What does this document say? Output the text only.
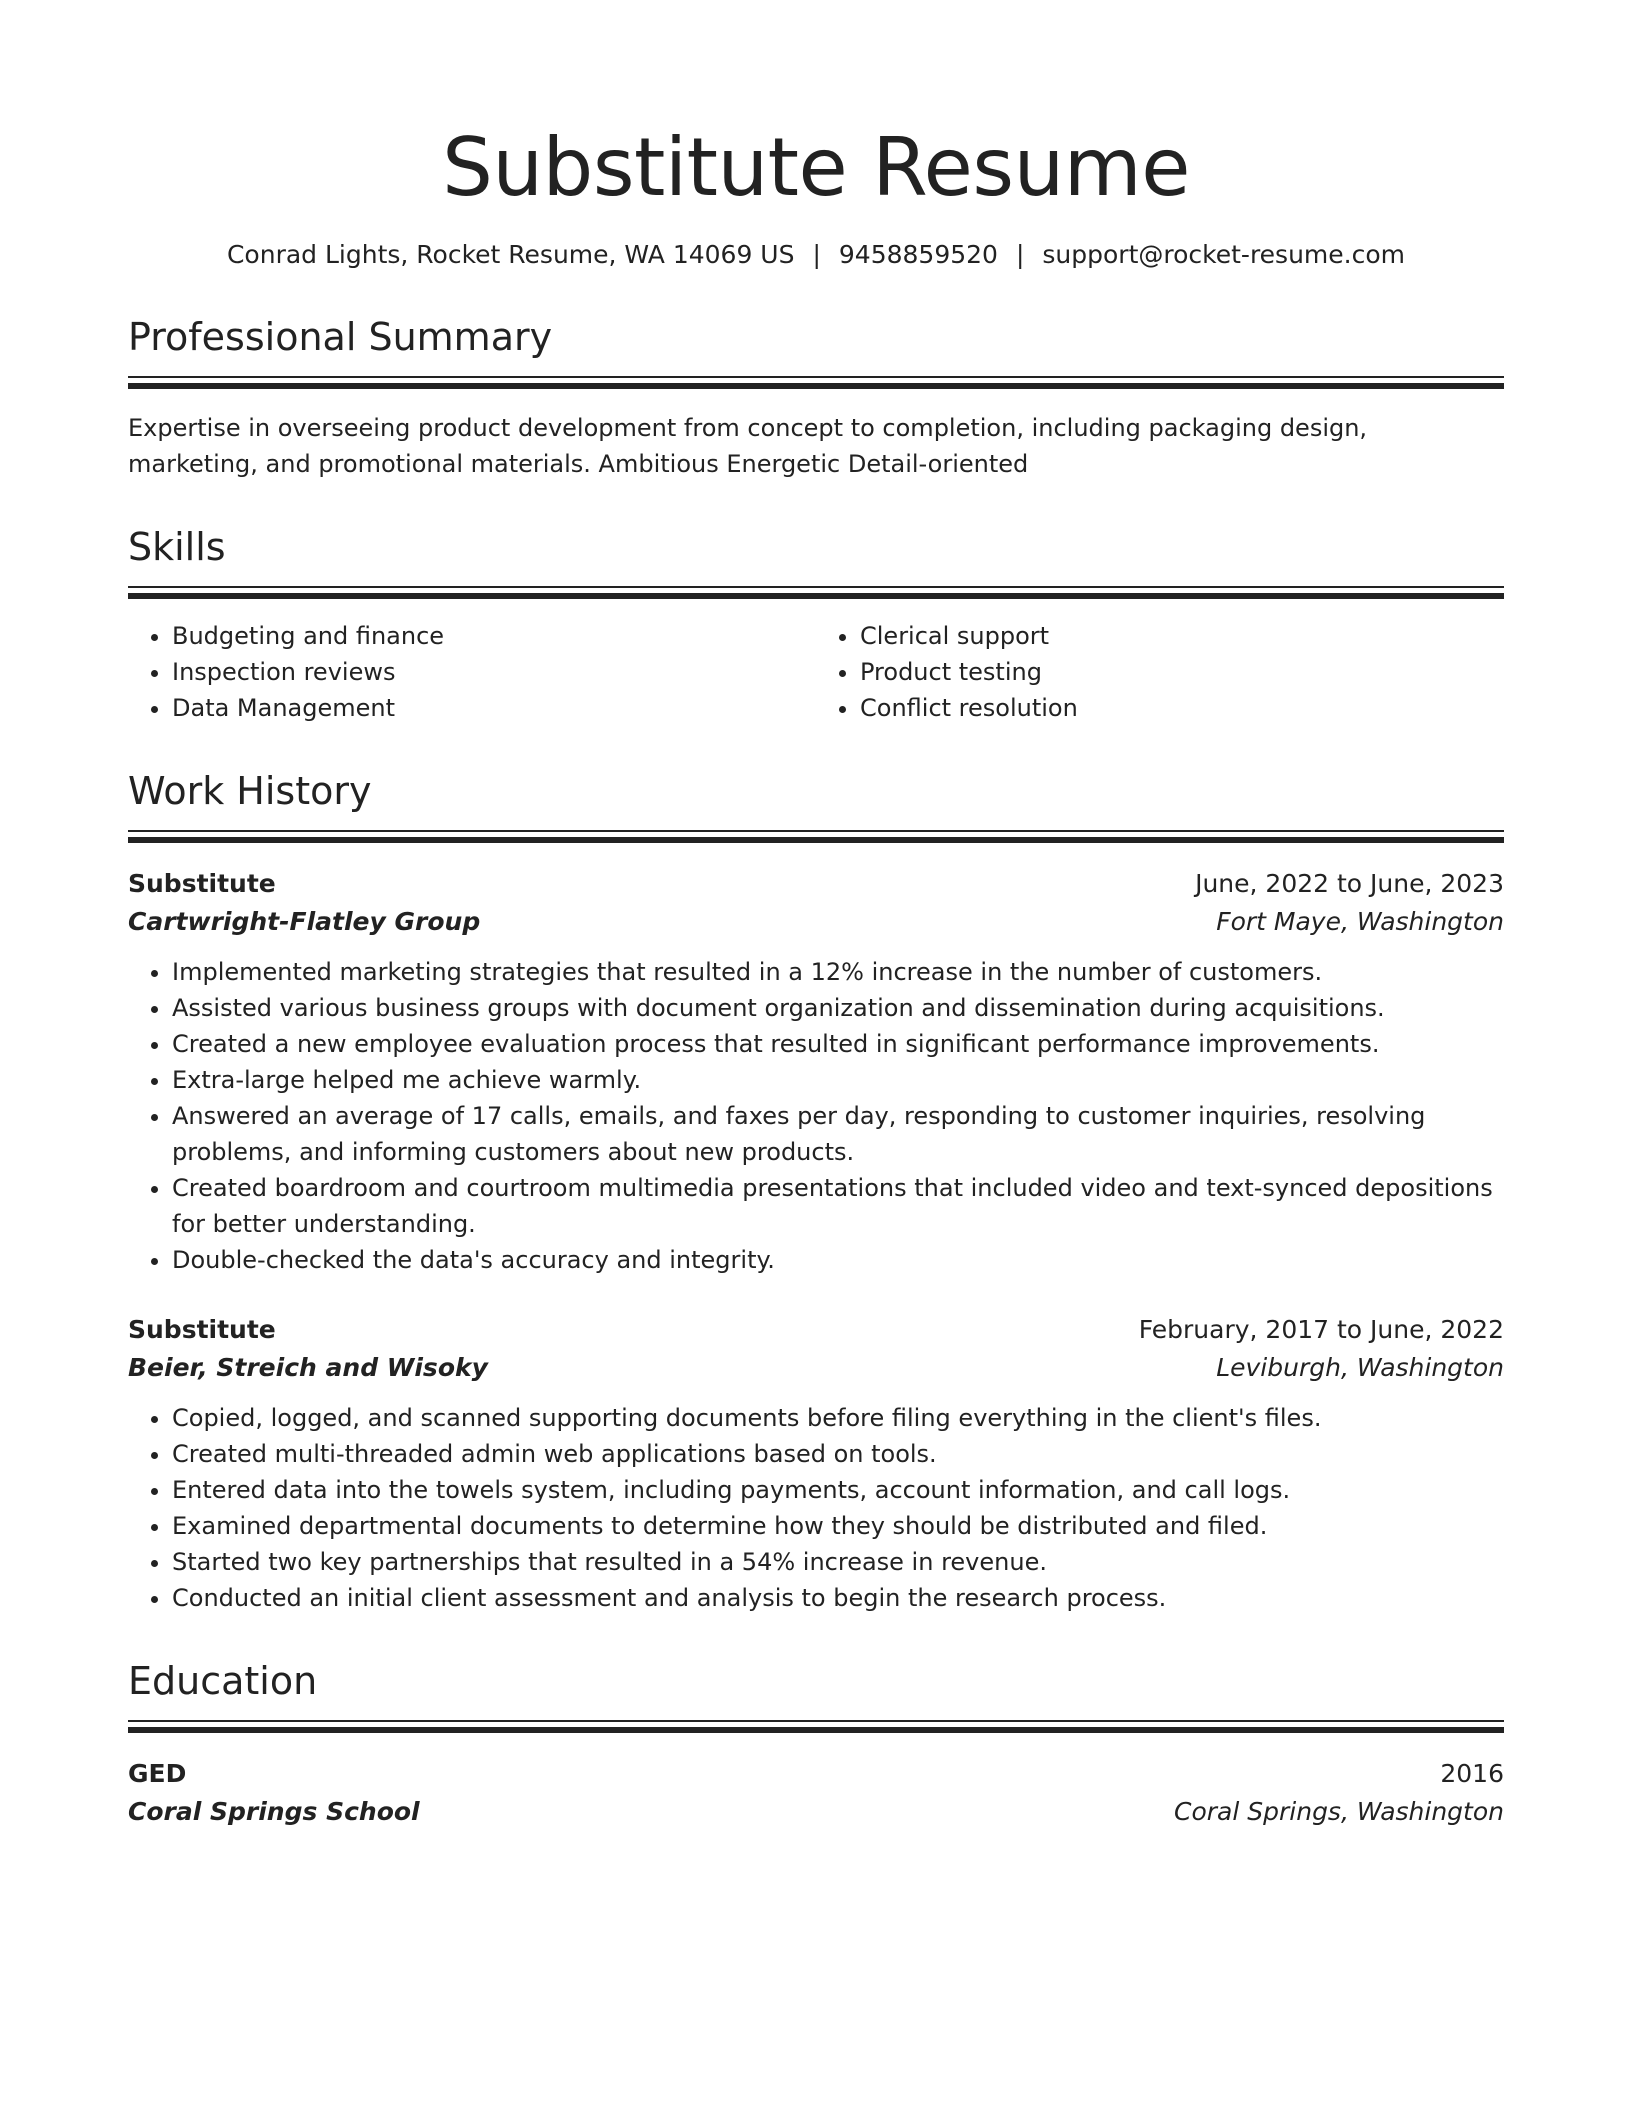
Substitute Resume
Conrad Lights, Rocket Resume, WA 14069 US | 9458859520 | support@rocket-resume.com
Professional Summary
Expertise in overseeing product development from concept to completion, including packaging design, marketing, and promotional materials. Ambitious Energetic Detail-oriented
Skills
• Budgeting and finance
• Inspection reviews
• Data Management
• Clerical support
• Product testing
• Conflict resolution
Work History
Substitute	June, 2022 to June, 2023
Cartwright-Flatley Group	Fort Maye, Washington
• Implemented marketing strategies that resulted in a 12% increase in the number of customers.
• Assisted various business groups with document organization and dissemination during acquisitions.
• Created a new employee evaluation process that resulted in significant performance improvements.
• Extra-large helped me achieve warmly.
• Answered an average of 17 calls, emails, and faxes per day, responding to customer inquiries, resolving problems, and informing customers about new products.
• Created boardroom and courtroom multimedia presentations that included video and text-synced depositions for better understanding.
• Double-checked the data's accuracy and integrity.
Substitute	February, 2017 to June, 2022
Beier, Streich and Wisoky	Leviburgh, Washington
• Copied, logged, and scanned supporting documents before filing everything in the client's files.
• Created multi-threaded admin web applications based on tools.
• Entered data into the towels system, including payments, account information, and call logs.
• Examined departmental documents to determine how they should be distributed and filed.
• Started two key partnerships that resulted in a 54% increase in revenue.
• Conducted an initial client assessment and analysis to begin the research process.
Education
GED	2016
Coral Springs School	Coral Springs, Washington
